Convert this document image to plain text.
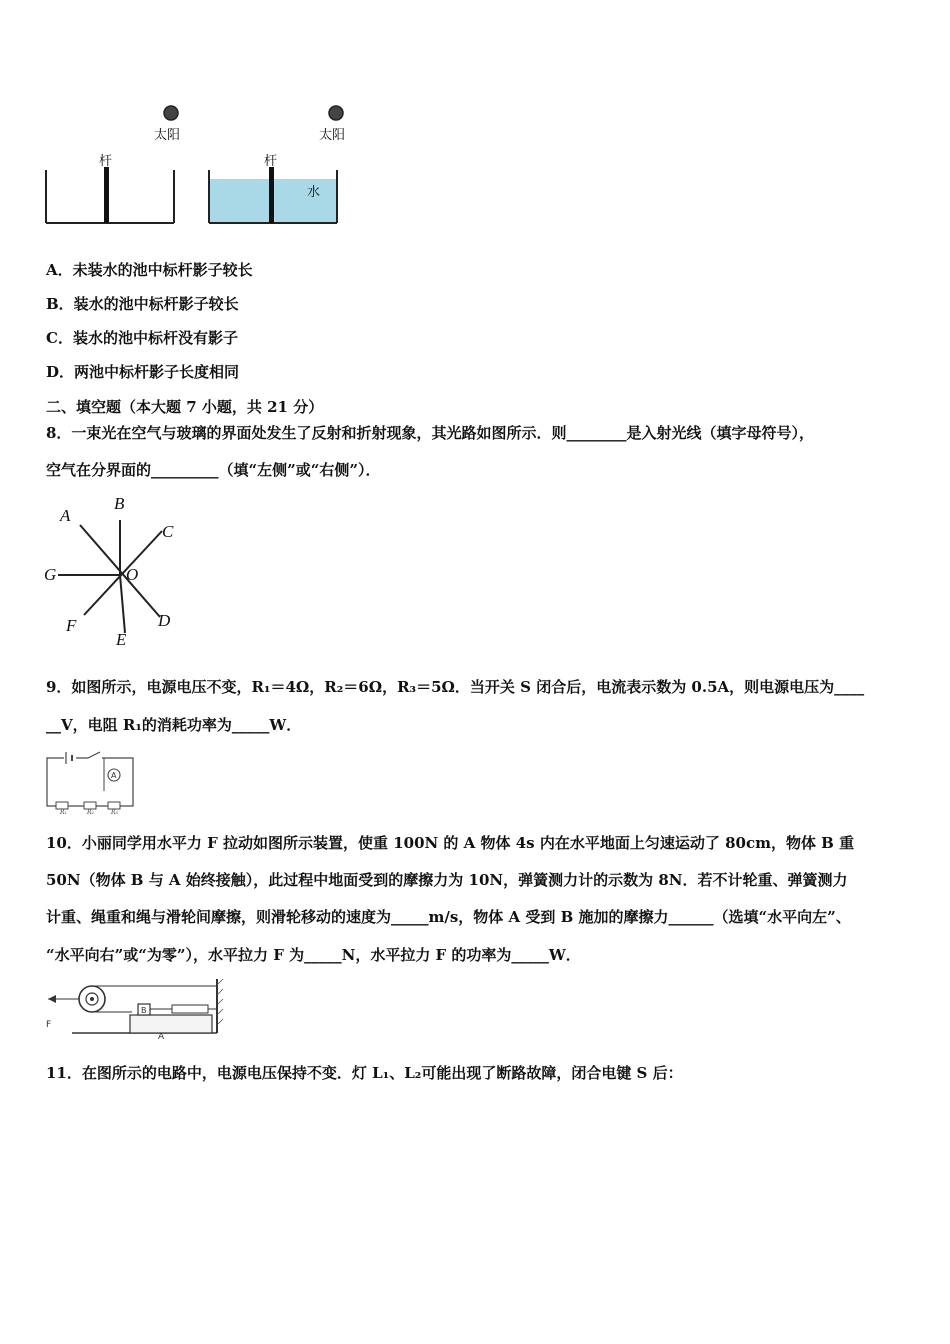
太阳
杆
太阳
杆
水
A．未装水的池中标杆影子较长
B．装水的池中标杆影子较长
C．装水的池中标杆没有影子
D．两池中标杆影子长度相同
二、填空题（本大题 7 小题，共 21 分）
8．一束光在空气与玻璃的界面处发生了反射和折射现象，其光路如图所示．则________是入射光线（填字母符号），
空气在分界面的_________（填“左侧”或“右侧”）．
A
B
C
G	O
F	D
E
9．如图所示，电源电压不变，R₁＝4Ω，R₂＝6Ω，R₃＝5Ω．当开关 S 闭合后，电流表示数为 0.5A，则电源电压为____
__V，电阻 R₁的消耗功率为_____W．
A
R₁	R₂	R₃
10．小丽同学用水平力 F 拉动如图所示装置，使重 100N 的 A 物体 4s 内在水平地面上匀速运动了 80cm，物体 B 重
50N（物体 B 与 A 始终接触），此过程中地面受到的摩擦力为 10N，弹簧测力计的示数为 8N．若不计轮重、弹簧测力
计重、绳重和绳与滑轮间摩擦，则滑轮移动的速度为_____m/s，物体 A 受到 B 施加的摩擦力______（选填“水平向左”、
“水平向右”或“为零”），水平拉力 F 为_____N，水平拉力 F 的功率为_____W．
F
B
A
11．在图所示的电路中，电源电压保持不变．灯 L₁、L₂可能出现了断路故障，闭合电键 S 后：
